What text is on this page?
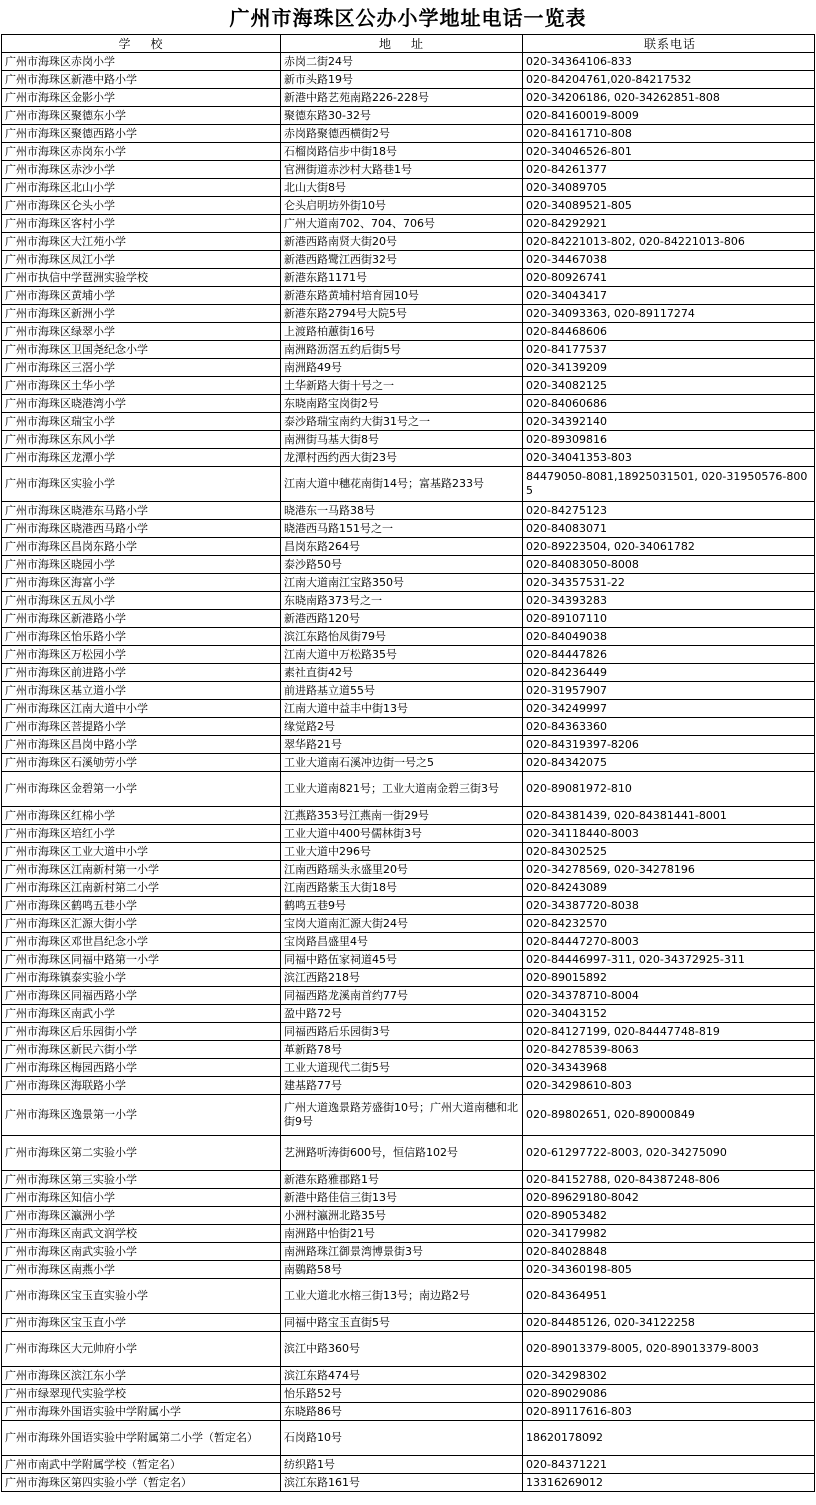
广州市海珠区公办小学地址电话一览表
学　校	地　址	联系电话
广州市海珠区赤岗小学	赤岗二街24号	020-34364106-833
广州市海珠区新港中路小学	新市头路19号	020-84204761,020-84217532
广州市海珠区金影小学	新港中路艺苑南路226-228号	020-34206186, 020-34262851-808
广州市海珠区聚德东小学	聚德东路30-32号	020-84160019-8009
广州市海珠区聚德西路小学	赤岗路聚德西横街2号	020-84161710-808
广州市海珠区赤岗东小学	石榴岗路信步中街18号	020-34046526-801
广州市海珠区赤沙小学	官洲街道赤沙村大路巷1号	020-84261377
广州市海珠区北山小学	北山大街8号	020-34089705
广州市海珠区仑头小学	仑头启明坊外街10号	020-34089521-805
广州市海珠区客村小学	广州大道南702、704、706号	020-84292921
广州市海珠区大江苑小学	新港西路南贤大街20号	020-84221013-802, 020-84221013-806
广州市海珠区凤江小学	新港西路鹭江西街32号	020-34467038
广州市执信中学琶洲实验学校	新港东路1171号	020-80926741
广州市海珠区黄埔小学	新港东路黄埔村培育园10号	020-34043417
广州市海珠区新洲小学	新港东路2794号大院5号	020-34093363, 020-89117274
广州市海珠区绿翠小学	上渡路柏蕙街16号	020-84468606
广州市海珠区卫国尧纪念小学	南洲路沥滘五约后街5号	020-84177537
广州市海珠区三滘小学	南洲路49号	020-34139209
广州市海珠区土华小学	土华新路大街十号之一	020-34082125
广州市海珠区晓港湾小学	东晓南路宝岗街2号	020-84060686
广州市海珠区瑞宝小学	泰沙路瑞宝南约大街31号之一	020-34392140
广州市海珠区东风小学	南洲街马基大街8号	020-89309816
广州市海珠区龙潭小学	龙潭村西约西大街23号	020-34041353-803
广州市海珠区实验小学	江南大道中穗花南街14号；富基路233号	84479050-8081,18925031501, 020-31950576-8005
广州市海珠区晓港东马路小学	晓港东一马路38号	020-84275123
广州市海珠区晓港西马路小学	晓港西马路151号之一	020-84083071
广州市海珠区昌岗东路小学	昌岗东路264号	020-89223504, 020-34061782
广州市海珠区晓园小学	泰沙路50号	020-84083050-8008
广州市海珠区海富小学	江南大道南江宝路350号	020-34357531-22
广州市海珠区五凤小学	东晓南路373号之一	020-34393283
广州市海珠区新港路小学	新港西路120号	020-89107110
广州市海珠区怡乐路小学	滨江东路怡凤街79号	020-84049038
广州市海珠区万松园小学	江南大道中万松路35号	020-84447826
广州市海珠区前进路小学	素社直街42号	020-84236449
广州市海珠区基立道小学	前进路基立道55号	020-31957907
广州市海珠区江南大道中小学	江南大道中益丰中街13号	020-34249997
广州市海珠区菩提路小学	缘觉路2号	020-84363360
广州市海珠区昌岗中路小学	翠华路21号	020-84319397-8206
广州市海珠区石溪劬劳小学	工业大道南石溪冲边街一号之5	020-84342075
广州市海珠区金碧第一小学	工业大道南821号；工业大道南金碧三街3号	020-89081972-810
广州市海珠区红棉小学	江燕路353号江燕南一街29号	020-84381439, 020-84381441-8001
广州市海珠区培红小学	工业大道中400号儒林街3号	020-34118440-8003
广州市海珠区工业大道中小学	工业大道中296号	020-84302525
广州市海珠区江南新村第一小学	江南西路瑶头永盛里20号	020-34278569, 020-34278196
广州市海珠区江南新村第二小学	江南西路紫玉大街18号	020-84243089
广州市海珠区鹤鸣五巷小学	鹤鸣五巷9号	020-34387720-8038
广州市海珠区汇源大街小学	宝岗大道南汇源大街24号	020-84232570
广州市海珠区邓世昌纪念小学	宝岗路昌盛里4号	020-84447270-8003
广州市海珠区同福中路第一小学	同福中路伍家祠道45号	020-84446997-311, 020-34372925-311
广州市海珠镇泰实验小学	滨江西路218号	020-89015892
广州市海珠区同福西路小学	同福西路龙溪南首约77号	020-34378710-8004
广州市海珠区南武小学	盈中路72号	020-34043152
广州市海珠区后乐园街小学	同福西路后乐园街3号	020-84127199, 020-84447748-819
广州市海珠区新民六街小学	革新路78号	020-84278539-8063
广州市海珠区梅园西路小学	工业大道现代二街5号	020-34343968
广州市海珠区海联路小学	建基路77号	020-34298610-803
广州市海珠区逸景第一小学	广州大道逸景路芳盛街10号；广州大道南穗和北街9号	020-89802651, 020-89000849
广州市海珠区第二实验小学	艺洲路听涛街600号，恒信路102号	020-61297722-8003, 020-34275090
广州市海珠区第三实验小学	新港东路雅郡路1号	020-84152788, 020-84387248-806
广州市海珠区知信小学	新港中路佳信三街13号	020-89629180-8042
广州市海珠区瀛洲小学	小洲村瀛洲北路35号	020-89053482
广州市海珠区南武文润学校	南洲路中怡街21号	020-34179982
广州市海珠区南武实验小学	南洲路珠江御景湾博景街3号	020-84028848
广州市海珠区南燕小学	南鷃路58号	020-34360198-805
广州市海珠区宝玉直实验小学	工业大道北水榕三街13号；南边路2号	020-84364951
广州市海珠区宝玉直小学	同福中路宝玉直街5号	020-84485126, 020-34122258
广州市海珠区大元帅府小学	滨江中路360号	020-89013379-8005, 020-89013379-8003
广州市海珠区滨江东小学	滨江东路474号	020-34298302
广州市绿翠现代实验学校	怡乐路52号	020-89029086
广州市海珠外国语实验中学附属小学	东晓路86号	020-89117616-803
广州市海珠外国语实验中学附属第二小学（暂定名）	石岗路10号	18620178092
广州市南武中学附属学校（暂定名）	纺织路1号	020-84371221
广州市海珠区第四实验小学（暂定名）	滨江东路161号	13316269012
